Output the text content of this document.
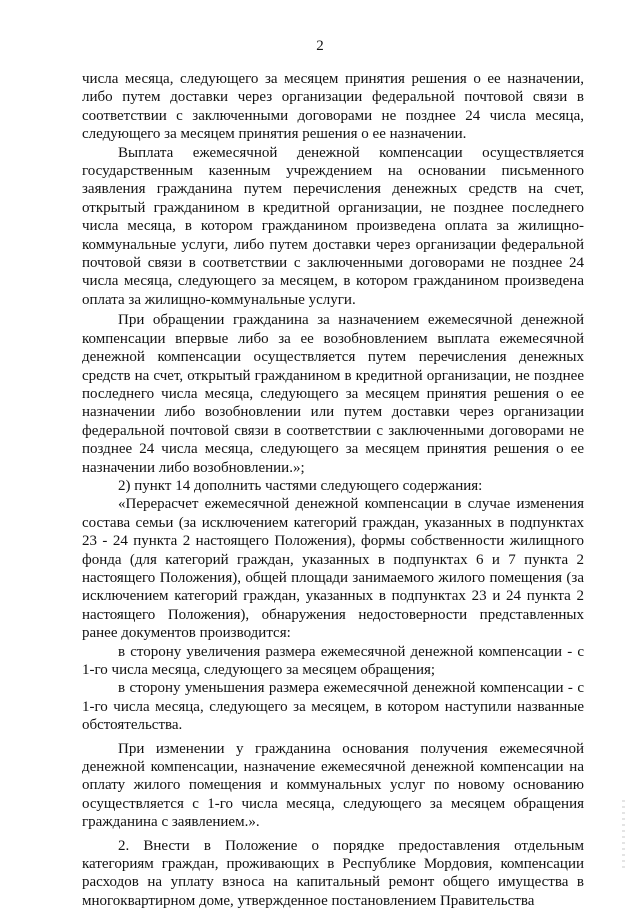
2

числа месяца, следующего за месяцем принятия решения о ее назначении, либо путем доставки через организации федеральной почтовой связи в соответствии с заключенными договорами не позднее 24 числа месяца, следующего за месяцем принятия решения о ее назначении.

Выплата ежемесячной денежной компенсации осуществляется государственным казенным учреждением на основании письменного заявления гражданина путем перечисления денежных средств на счет, открытый гражданином в кредитной организации, не позднее последнего числа месяца, в котором гражданином произведена оплата за жилищно-коммунальные услуги, либо путем доставки через организации федеральной почтовой связи в соответствии с заключенными договорами не позднее 24 числа месяца, следующего за месяцем, в котором гражданином произведена оплата за жилищно-коммунальные услуги.

При обращении гражданина за назначением ежемесячной денежной компенсации впервые либо за ее возобновлением выплата ежемесячной денежной компенсации осуществляется путем перечисления денежных средств на счет, открытый гражданином в кредитной организации, не позднее последнего числа месяца, следующего за месяцем принятия решения о ее назначении либо возобновлении или путем доставки через организации федеральной почтовой связи в соответствии с заключенными договорами не позднее 24 числа месяца, следующего за месяцем принятия решения о ее назначении либо возобновлении.»;

2) пункт 14 дополнить частями следующего содержания:

«Перерасчет ежемесячной денежной компенсации в случае изменения состава семьи (за исключением категорий граждан, указанных в подпунктах 23 - 24 пункта 2 настоящего Положения), формы собственности жилищного фонда (для категорий граждан, указанных в подпунктах 6 и 7 пункта 2 настоящего Положения), общей площади занимаемого жилого помещения (за исключением категорий граждан, указанных в подпунктах 23 и 24 пункта 2 настоящего Положения), обнаружения недостоверности представленных ранее документов производится:

в сторону увеличения размера ежемесячной денежной компенсации - с 1-го числа месяца, следующего за месяцем обращения;

в сторону уменьшения размера ежемесячной денежной компенсации - с 1-го числа месяца, следующего за месяцем, в котором наступили названные обстоятельства.

При изменении у гражданина основания получения ежемесячной денежной компенсации, назначение ежемесячной денежной компенсации на оплату жилого помещения и коммунальных услуг по новому основанию осуществляется с 1-го числа месяца, следующего за месяцем обращения гражданина с заявлением.».

2. Внести в Положение о порядке предоставления отдельным категориям граждан, проживающих в Республике Мордовия, компенсации расходов на уплату взноса на капитальный ремонт общего имущества в многоквартирном доме, утвержденное постановлением Правительства
